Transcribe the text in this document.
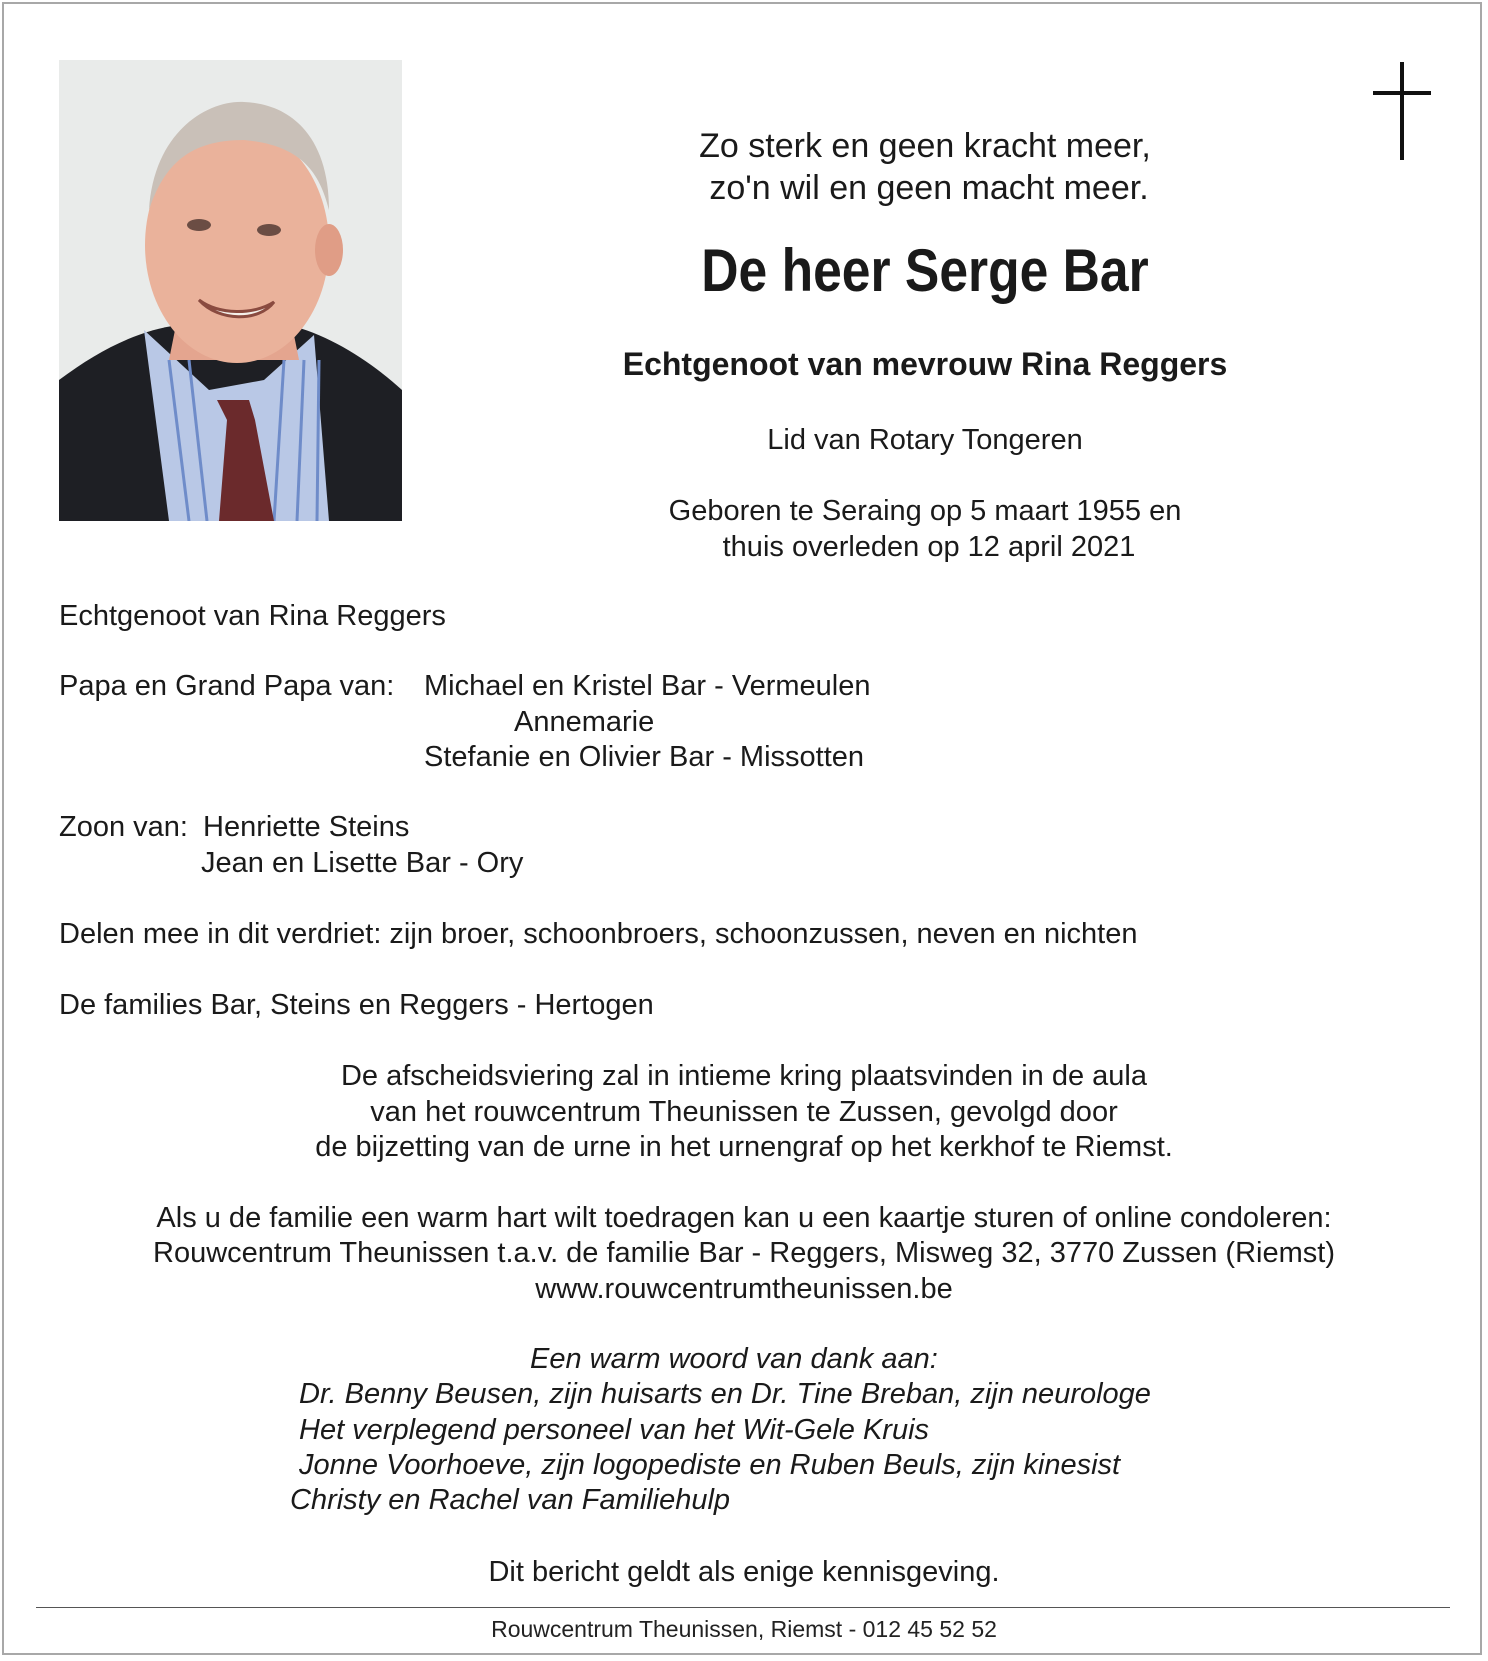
Zo sterk en geen kracht meer,
zo'n wil en geen macht meer.
De heer Serge Bar
Echtgenoot van mevrouw Rina Reggers
Lid van Rotary Tongeren
Geboren te Seraing op 5 maart 1955 en
thuis overleden op 12 april 2021
Echtgenoot van Rina Reggers
Papa en Grand Papa van: Michael en Kristel Bar - Vermeulen
Annemarie
Stefanie en Olivier Bar - Missotten
Zoon van: Henriette Steins
Jean en Lisette Bar - Ory
Delen mee in dit verdriet: zijn broer, schoonbroers, schoonzussen, neven en nichten
De families Bar, Steins en Reggers - Hertogen
De afscheidsviering zal in intieme kring plaatsvinden in de aula
van het rouwcentrum Theunissen te Zussen, gevolgd door
de bijzetting van de urne in het urnengraf op het kerkhof te Riemst.
Als u de familie een warm hart wilt toedragen kan u een kaartje sturen of online condoleren:
Rouwcentrum Theunissen t.a.v. de familie Bar - Reggers, Misweg 32, 3770 Zussen (Riemst)
www.rouwcentrumtheunissen.be
Een warm woord van dank aan:
Dr. Benny Beusen, zijn huisarts en Dr. Tine Breban, zijn neurologe
Het verplegend personeel van het Wit-Gele Kruis
Jonne Voorhoeve, zijn logopediste en Ruben Beuls, zijn kinesist
Christy en Rachel van Familiehulp
Dit bericht geldt als enige kennisgeving.
Rouwcentrum Theunissen, Riemst - 012 45 52 52
